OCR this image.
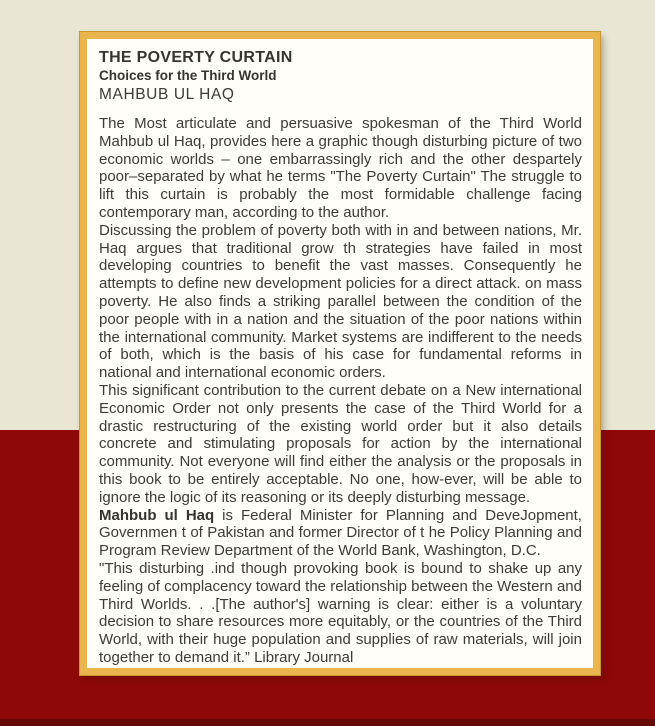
THE POVERTY CURTAIN
Choices for the Third World
MAHBUB UL HAQ

The Most articulate and persuasive spokesman of the Third World Mahbub ul Haq, provides here a graphic though disturbing picture of two economic worlds – one embarrassingly rich and the other despartely poor–separated by what he terms "The Poverty Curtain" The struggle to lift this curtain is probably the most formidable challenge facing contemporary man, according to the author.

Discussing the problem of poverty both with in and between nations, Mr. Haq argues that traditional grow th strategies have failed in most developing countries to benefit the vast masses. Consequently he attempts to define new development policies for a direct attack. on mass poverty. He also finds a striking parallel between the condition of the poor people with in a nation and the situation of the poor nations within the international community. Market systems are indifferent to the needs of both, which is the basis of his case for fundamental reforms in national and international economic orders.

This significant contribution to the current debate on a New international Economic Order not only presents the case of the Third World for a drastic restructuring of the existing world order but it also details concrete and stimulating proposals for action by the international community. Not everyone will find either the analysis or the proposals in this book to be entirely acceptable. No one, how-ever, will be able to ignore the logic of its reasoning or its deeply disturbing message.

Mahbub ul Haq is Federal Minister for Planning and DeveJopment, Governmen t of Pakistan and former Director of t he Policy Planning and Program Review Department of the World Bank, Washington, D.C.

"This disturbing .ind though provoking book is bound to shake up any feeling of complacency toward the relationship between the Western and Third Worlds. . .[The author's] warning is clear: either is a voluntary decision to share resources more equitably, or the countries of the Third World, with their huge population and supplies of raw materials, will join together to demand it.” Library Journal
